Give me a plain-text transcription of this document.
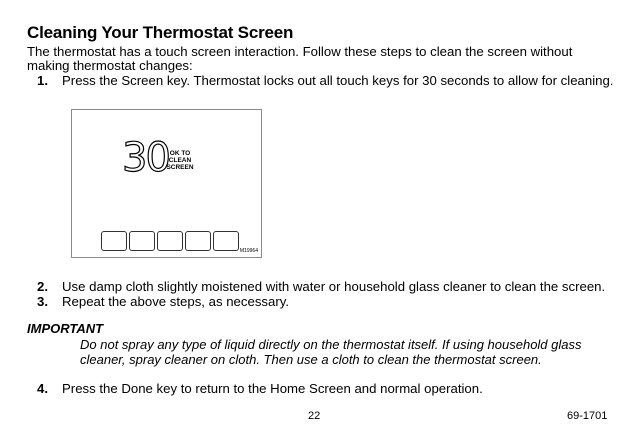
Cleaning Your Thermostat Screen
The thermostat has a touch screen interaction. Follow these steps to clean the screen without making thermostat changes:
1. Press the Screen key. Thermostat locks out all touch keys for 30 seconds to allow for cleaning.
30 OK TO
CLEAN
SCREEN
M19964
2. Use damp cloth slightly moistened with water or household glass cleaner to clean the screen.
3. Repeat the above steps, as necessary.
IMPORTANT
Do not spray any type of liquid directly on the thermostat itself. If using household glass cleaner, spray cleaner on cloth. Then use a cloth to clean the thermostat screen.
4. Press the Done key to return to the Home Screen and normal operation.
22	69-1701
